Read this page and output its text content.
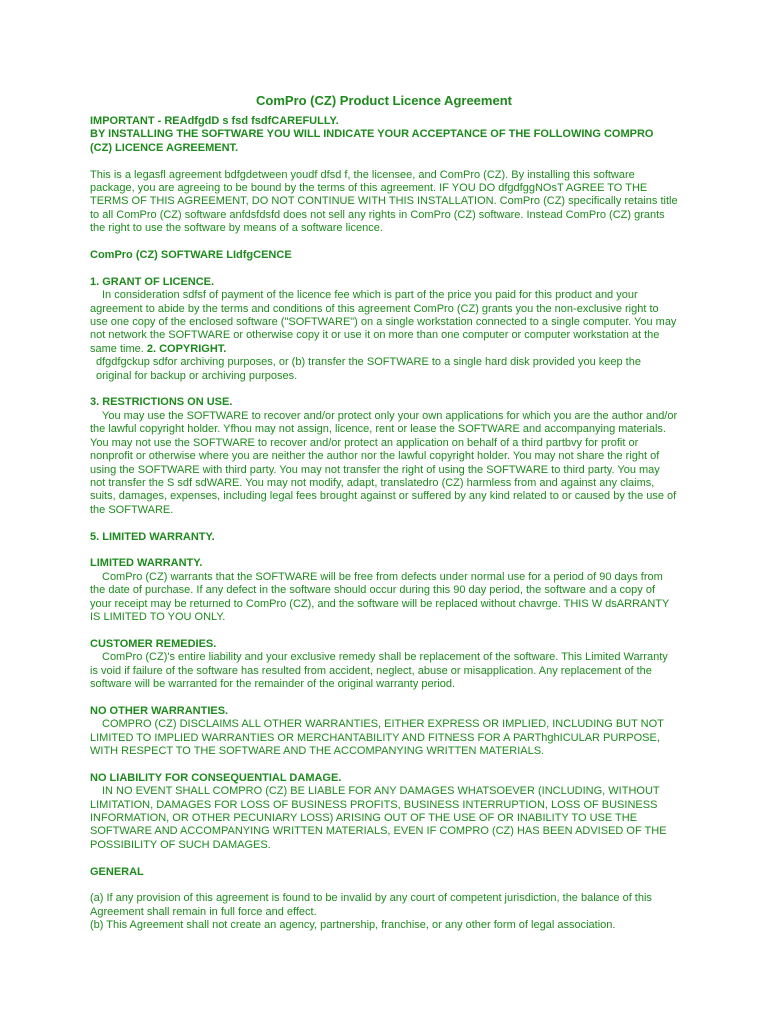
ComPro (CZ) Product Licence Agreement

IMPORTANT - REAdfgdD s fsd fsdfCAREFULLY.

BY INSTALLING THE SOFTWARE YOU WILL INDICATE YOUR ACCEPTANCE OF THE FOLLOWING COMPRO (CZ) LICENCE AGREEMENT.

This is a legasfl agreement bdfgdetween youdf dfsd f, the licensee, and ComPro (CZ). By installing this software package, you are agreeing to be bound by the terms of this agreement. IF YOU DO dfgdfggNOsT AGREE TO THE TERMS OF THIS AGREEMENT, DO NOT CONTINUE WITH THIS INSTALLATION. ComPro (CZ) specifically retains title to all ComPro (CZ) software anfdsfdsfd does not sell any rights in ComPro (CZ) software. Instead ComPro (CZ) grants the right to use the software by means of a software licence.

ComPro (CZ) SOFTWARE LIdfgCENCE

1. GRANT OF LICENCE.

In consideration sdfsf of payment of the licence fee which is part of the price you paid for this product and your agreement to abide by the terms and conditions of this agreement ComPro (CZ) grants you the non-exclusive right to use one copy of the enclosed software ("SOFTWARE") on a single workstation connected to a single computer. You may not network the SOFTWARE or otherwise copy it or use it on more than one computer or computer workstation at the same time. 2. COPYRIGHT.

dfgdfgckup sdfor archiving purposes, or (b) transfer the SOFTWARE to a single hard disk provided you keep the original for backup or archiving purposes.

3. RESTRICTIONS ON USE.

You may use the SOFTWARE to recover and/or protect only your own applications for which you are the author and/or the lawful copyright holder. Yfhou may not assign, licence, rent or lease the SOFTWARE and accompanying materials. You may not use the SOFTWARE to recover and/or protect an application on behalf of a third partbvy for profit or nonprofit or otherwise where you are neither the author nor the lawful copyright holder. You may not share the right of using the SOFTWARE with third party. You may not transfer the right of using the SOFTWARE to third party. You may not transfer the S sdf sdWARE. You may not modify, adapt, translatedro (CZ) harmless from and against any claims, suits, damages, expenses, including legal fees brought against or suffered by any kind related to or caused by the use of the SOFTWARE.

5. LIMITED WARRANTY.

LIMITED WARRANTY.

ComPro (CZ) warrants that the SOFTWARE will be free from defects under normal use for a period of 90 days from the date of purchase. If any defect in the software should occur during this 90 day period, the software and a copy of your receipt may be returned to ComPro (CZ), and the software will be replaced without chavrge. THIS W dsARRANTY IS LIMITED TO YOU ONLY.

CUSTOMER REMEDIES.

ComPro (CZ)'s entire liability and your exclusive remedy shall be replacement of the software. This Limited Warranty is void if failure of the software has resulted from accident, neglect, abuse or misapplication. Any replacement of the software will be warranted for the remainder of the original warranty period.

NO OTHER WARRANTIES.

COMPRO (CZ) DISCLAIMS ALL OTHER WARRANTIES, EITHER EXPRESS OR IMPLIED, INCLUDING BUT NOT LIMITED TO IMPLIED WARRANTIES OR MERCHANTABILITY AND FITNESS FOR A PARThghICULAR PURPOSE, WITH RESPECT TO THE SOFTWARE AND THE ACCOMPANYING WRITTEN MATERIALS.

NO LIABILITY FOR CONSEQUENTIAL DAMAGE.

IN NO EVENT SHALL COMPRO (CZ) BE LIABLE FOR ANY DAMAGES WHATSOEVER (INCLUDING, WITHOUT LIMITATION, DAMAGES FOR LOSS OF BUSINESS PROFITS, BUSINESS INTERRUPTION, LOSS OF BUSINESS INFORMATION, OR OTHER PECUNIARY LOSS) ARISING OUT OF THE USE OF OR INABILITY TO USE THE SOFTWARE AND ACCOMPANYING WRITTEN MATERIALS, EVEN IF COMPRO (CZ) HAS BEEN ADVISED OF THE POSSIBILITY OF SUCH DAMAGES.

GENERAL

(a) If any provision of this agreement is found to be invalid by any court of competent jurisdiction, the balance of this Agreement shall remain in full force and effect.

(b) This Agreement shall not create an agency, partnership, franchise, or any other form of legal association.
